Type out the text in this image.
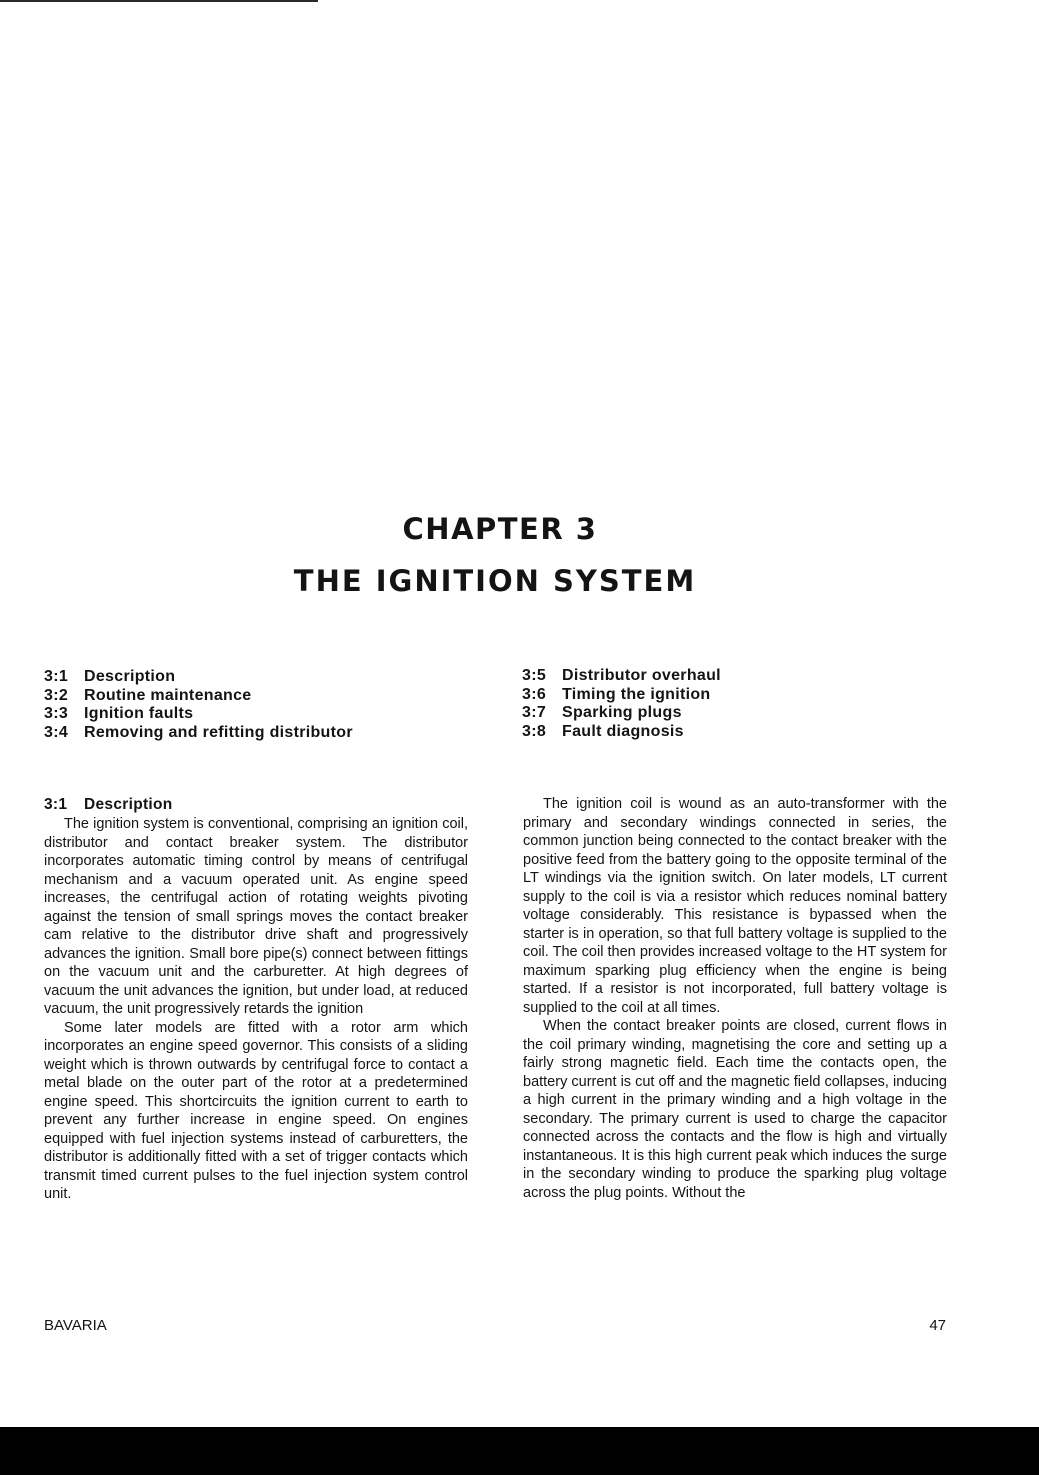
CHAPTER 3
THE IGNITION SYSTEM
3:1 Description
3:2 Routine maintenance
3:3 Ignition faults
3:4 Removing and refitting distributor
3:5 Distributor overhaul
3:6 Timing the ignition
3:7 Sparking plugs
3:8 Fault diagnosis
3:1 Description

The ignition system is conventional, comprising an ignition coil, distributor and contact breaker system. The distributor incorporates automatic timing control by means of centrifugal mechanism and a vacuum operated unit. As engine speed increases, the centrifugal action of rotating weights pivoting against the tension of small springs moves the contact breaker cam relative to the distributor drive shaft and progressively advances the ignition. Small bore pipe(s) connect between fittings on the vacuum unit and the carburetter. At high degrees of vacuum the unit advances the ignition, but under load, at reduced vacuum, the unit progressively retards the ignition

Some later models are fitted with a rotor arm which incorporates an engine speed governor. This consists of a sliding weight which is thrown outwards by centrifugal force to contact a metal blade on the outer part of the rotor at a predetermined engine speed. This shortcircuits the ignition current to earth to prevent any further increase in engine speed. On engines equipped with fuel injection systems instead of carburetters, the distributor is additionally fitted with a set of trigger contacts which transmit timed current pulses to the fuel injection system control unit.

The ignition coil is wound as an auto-transformer with the primary and secondary windings connected in series, the common junction being connected to the contact breaker with the positive feed from the battery going to the opposite terminal of the LT windings via the ignition switch. On later models, LT current supply to the coil is via a resistor which reduces nominal battery voltage considerably. This resistance is bypassed when the starter is in operation, so that full battery voltage is supplied to the coil. The coil then provides increased voltage to the HT system for maximum sparking plug efficiency when the engine is being started. If a resistor is not incorporated, full battery voltage is supplied to the coil at all times.

When the contact breaker points are closed, current flows in the coil primary winding, magnetising the core and setting up a fairly strong magnetic field. Each time the contacts open, the battery current is cut off and the magnetic field collapses, inducing a high current in the primary winding and a high voltage in the secondary. The primary current is used to charge the capacitor connected across the contacts and the flow is high and virtually instantaneous. It is this high current peak which induces the surge in the secondary winding to produce the sparking plug voltage across the plug points. Without the

BAVARIA	47
